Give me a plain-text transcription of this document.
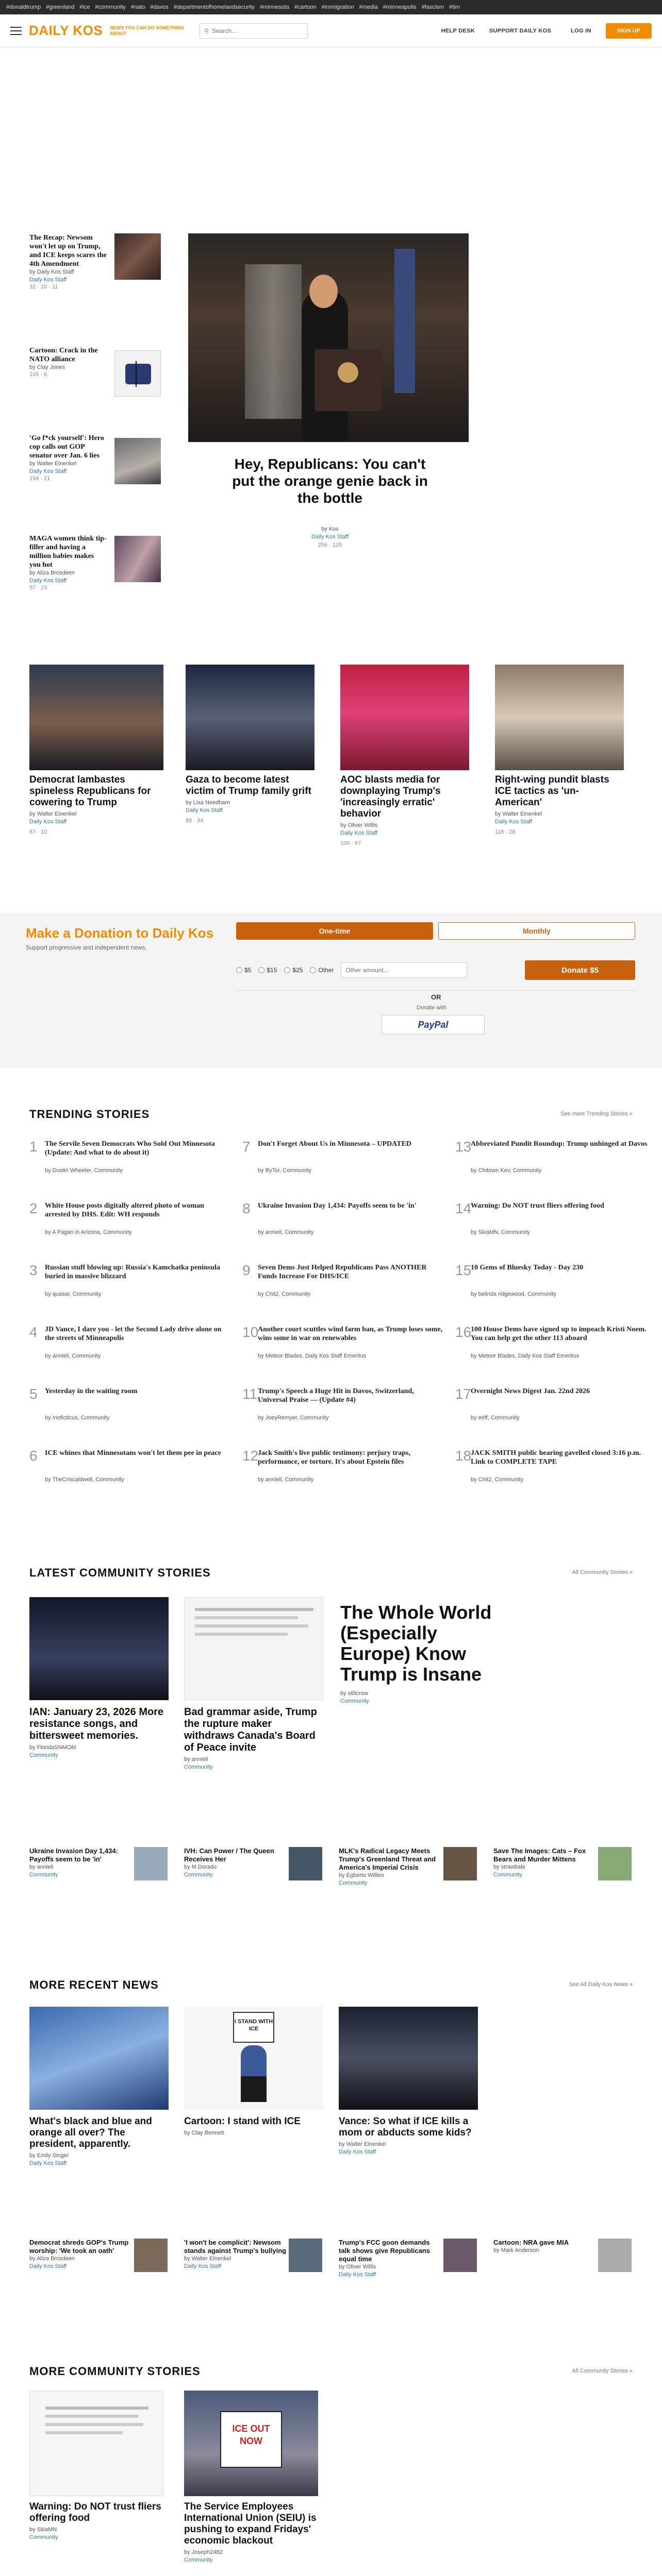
#donaldtrump #greenland #ice #community #nato #davos #departmentofhomelandsecurity #minnesota #cartoon #immigration #media #minneapolis #fascism #tim
DAILY KOS NEWS YOU CAN DO SOMETHING ABOUT	⚲
Search...	HELP DESK	SUPPORT DAILY KOS	LOG IN	SIGN UP
The Recap: Newsom won't let up on Trump, and ICE keeps scares the 4th Amendment
by Daily Kos Staff
Daily Kos Staff
32 · 20 · 11
Cartoon: Crack in the NATO alliance
by Clay Jones
104 · 6
'Go f*ck yourself': Hero cop calls out GOP senator over Jan. 6 lies
by Walter Einenkel
Daily Kos Staff
194 · 21
MAGA women think tip-filler and having a million babies makes you hot
by Aliza Brosdeen
Daily Kos Staff
57 · 23
Hey, Republicans: You can't put the orange genie back in the bottle
by Kos
Daily Kos Staff
256 · 120
Democrat lambastes spineless Republicans for cowering to Trump
by Walter Einenkel
Daily Kos Staff
87 · 10
Gaza to become latest victim of Trump family grift
by Lisa Needham
Daily Kos Staff
86 · 34
AOC blasts media for downplaying Trump's 'increasingly erratic' behavior
by Oliver Willis
Daily Kos Staff
100 · 67
Right-wing pundit blasts ICE tactics as 'un-American'
by Walter Einenkel
Daily Kos Staff
116 · 28
Make a Donation to Daily Kos
Support progressive and independent news.
One-time	Monthly
$5	$15	$25	Other
Other amount...	Donate $5
OR
Donate with
PayPal
TRENDING STORIES	See more Trending Stories »
1 The Servile Seven Democrats Who Sold Out Minnesota (Update: And what to do about it)
by Dustin Wheeler, Community
2 White House posts digitally altered photo of woman arrested by DHS. Edit: WH responds
by A Pagan in Arizona, Community
3 Russian stuff blowing up: Russia's Kamchatka peninsula buried in massive blizzard
by quasar, Community
4 JD Vance, I dare you - let the Second Lady drive alone on the streets of Minneapolis
by annieli, Community
5 Yesterday in the waiting room
by Inoficticus, Community
6 ICE whines that Minnesotans won't let them pee in peace
by TheCriscaldwell, Community
7 Don't Forget About Us in Minnesota – UPDATED
by ByTor, Community
8 Ukraine Invasion Day 1,434: Payoffs seem to be 'in'
by annieli, Community
9 Seven Dems Just Helped Republicans Pass ANOTHER Funds Increase For DHS/ICE
by Chit2, Community
10
Another court scuttles wind farm ban, as Trump loses some, wins some in war on renewables
by Meteor Blades, Daily Kos Staff Emeritus
11 Trump's Speech a Huge Hit in Davos, Switzerland, Universal Praise — (Update #4)
by JoeyRemyer, Community
12
Jack Smith's live public testimony: perjury traps, performance, or torture. It's about Epstein files
by annieli, Community
13
Abbreviated Pundit Roundup: Trump unhinged at Davos
by Chitown Kev, Community
14
Warning: Do NOT trust fliers offering food
by SkiaMN, Community
15
10 Gems of Bluesky Today - Day 230
by belinda ridgewood, Community
16
100 House Dems have signed up to impeach Kristi Noem. You can help get the other 113 aboard
by Meteor Blades, Daily Kos Staff Emeritus
17
Overnight News Digest Jan. 22nd 2026
by eeff, Community
18
JACK SMITH public hearing gavelled closed 3:16 p.m. Link to COMPLETE TAPE
by Chit2, Community
LATEST COMMUNITY STORIES	All Community Stories »
IAN: January 23, 2026 More resistance songs, and bittersweet memories.
by FloridaSNMOM
Community
Bad grammar aside, Trump the rupture maker withdraws Canada's Board of Peace invite
by annieli
Community
The Whole World (Especially Europe) Know Trump is Insane
by stilicrow
Community
Ukraine Invasion Day 1,434: Payoffs seem to be 'in'
by annieli
Community
IVH: Can Power / The Queen Receives Her
by M Dorado
Community
MLK's Radical Legacy Meets Trump's Greenland Threat and America's Imperial Crisis
by Egberto Willies
Community
Save The Images: Cats – Fox Bears and Murder Mittens
by strawbale
Community
MORE RECENT NEWS	See All Daily Kos News »
What's black and blue and orange all over? The president, apparently.
by Emily Singer
Daily Kos Staff
I STAND WITH ICE
Cartoon: I stand with ICE
by Clay Bennett
Vance: So what if ICE kills a mom or abducts some kids?
by Walter Einenkel
Daily Kos Staff
Democrat shreds GOP's Trump worship: 'We took an oath'
by Aliza Brosdeen
Daily Kos Staff
'I won't be complicit': Newsom stands against Trump's bullying
by Walter Einenkel
Daily Kos Staff
Trump's FCC goon demands talk shows give Republicans equal time
by Oliver Willis
Daily Kos Staff
Cartoon: NRA gave MIA
by Mark Anderson
MORE COMMUNITY STORIES	All Community Stories »
Warning: Do NOT trust fliers offering food
by SkiaMN
Community
ICE OUT NOW
The Service Employees International Union (SEIU) is pushing to expand Fridays' economic blackout
by Joseph2482
Community
